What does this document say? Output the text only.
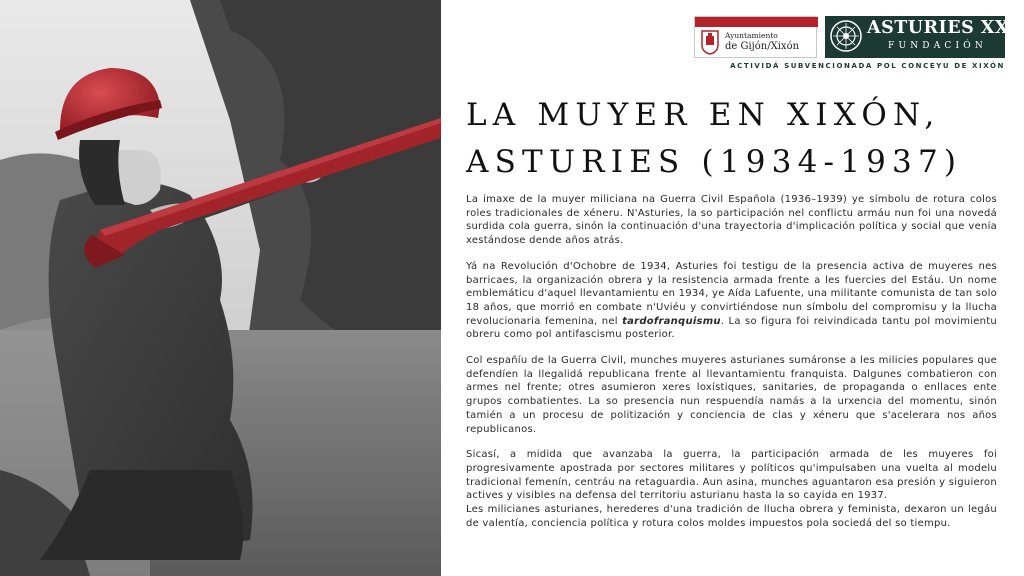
Ayuntamiento
de Gijón/Xixón
ASTURIES XXI
FUNDACIÓN
ACTIVIDÁ SUBVENCIONADA POL CONCEYU DE XIXÓN
LA MUYER EN XIXÓN,
ASTURIES (1934-1937)

La imaxe de la muyer miliciana na Guerra Civil Española (1936–1939) ye símbolu de rotura colos roles tradicionales de xéneru. N'Asturies, la so participación nel conflictu armáu nun foi una novedá surdida cola guerra, sinón la continuación d'una trayectoria d'implicación política y social que venía xestándose dende años atrás.

Yá na Revolución d'Ochobre de 1934, Asturies foi testigu de la presencia activa de muyeres nes barricaes, la organización obrera y la resistencia armada frente a les fuercies del Estáu. Un nome emblemáticu d'aquel llevantamientu en 1934, ye Aída Lafuente, una militante comunista de tan solo 18 años, que morrió en combate n'Uviéu y convirtiéndose nun símbolu del compromisu y la llucha revolucionaria femenina, nel tardofranquismu. La so figura foi reivindicada tantu pol movimientu obreru como pol antifascismu posterior.

Col españíu de la Guerra Civil, munches muyeres asturianes sumáronse a les milicies populares que defendíen la llegalidá republicana frente al llevantamientu franquista. Dalgunes combatieron con armes nel frente; otres asumieron xeres loxístiques, sanitaries, de propaganda o enllaces ente grupos combatientes. La so presencia nun respuendía namás a la urxencia del momentu, sinón tamién a un procesu de politización y conciencia de clas y xéneru que s'acelerara nos años republicanos.

Sicasí, a midida que avanzaba la guerra, la participación armada de les muyeres foi progresivamente apostrada por sectores militares y políticos qu'impulsaben una vuelta al modelu tradicional femenín, centráu na retaguardia. Aun asina, munches aguantaron esa presión y siguieron actives y visibles na defensa del territoriu asturianu hasta la so cayida en 1937.

Les milicianes asturianes, herederes d'una tradición de llucha obrera y feminista, dexaron un legáu de valentía, conciencia política y rotura colos moldes impuestos pola sociedá del so tiempu.
